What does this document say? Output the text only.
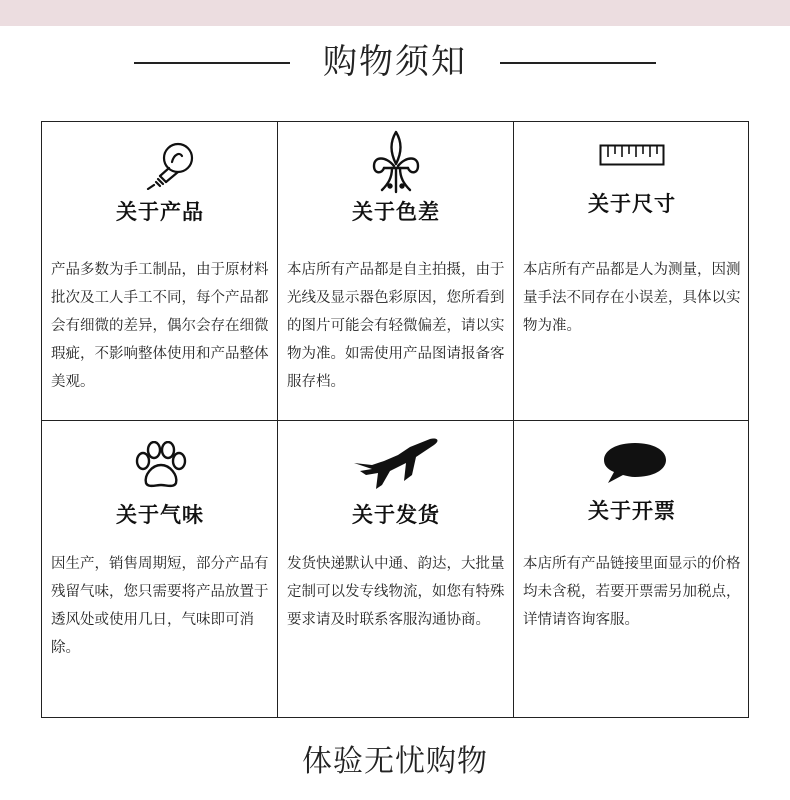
购物须知
关于产品
产品多数为手工制品，由于原材料批次及工人手工不同，每个产品都会有细微的差异，偶尔会存在细微瑕疵，不影响整体使用和产品整体美观。
关于色差
本店所有产品都是自主拍摄，由于光线及显示器色彩原因，您所看到的图片可能会有轻微偏差，请以实物为准。如需使用产品图请报备客服存档。
关于尺寸
本店所有产品都是人为测量，因测量手法不同存在小误差，具体以实物为准。
关于气味
因生产，销售周期短，部分产品有残留气味，您只需要将产品放置于透风处或使用几日，气味即可消除。
关于发货
发货快递默认中通、韵达，大批量定制可以发专线物流，如您有特殊要求请及时联系客服沟通协商。
关于开票
本店所有产品链接里面显示的价格均未含税，若要开票需另加税点，详情请咨询客服。
体验无忧购物
